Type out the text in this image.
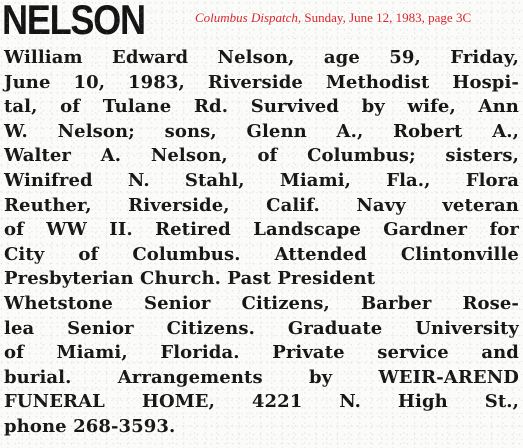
NELSON	Columbus Dispatch, Sunday, June 12, 1983, page 3C
William Edward Nelson, age 59, Friday,
June 10, 1983, Riverside Methodist Hospi-
tal, of Tulane Rd. Survived by wife, Ann
W. Nelson; sons, Glenn A., Robert A.,
Walter A. Nelson, of Columbus; sisters,
Winifred N. Stahl, Miami, Fla., Flora
Reuther, Riverside, Calif. Navy veteran
of WW II. Retired Landscape Gardner for
City of Columbus. Attended Clintonville
Presbyterian Church. Past President
Whetstone Senior Citizens, Barber Rose-
lea Senior Citizens. Graduate University
of Miami, Florida. Private service and
burial. Arrangements by WEIR-AREND
FUNERAL HOME, 4221 N. High St.,
phone 268-3593.
